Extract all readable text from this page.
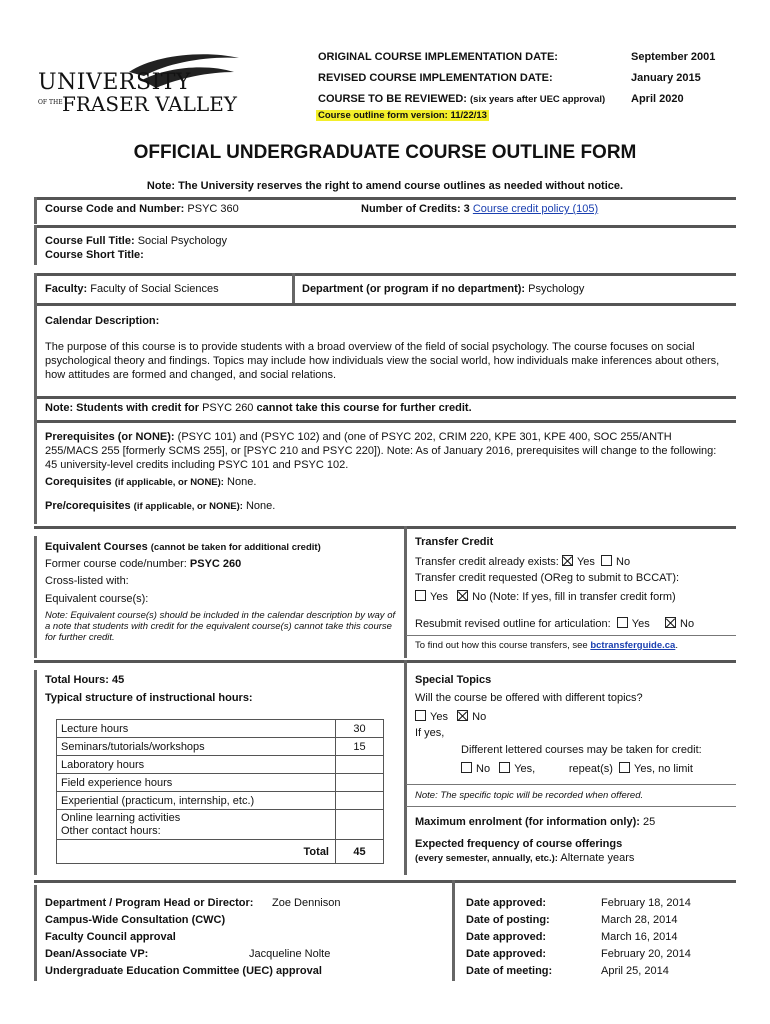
UNIVERSITY
OF THE FRASER VALLEY
ORIGINAL COURSE IMPLEMENTATION DATE:	September 2001
REVISED COURSE IMPLEMENTATION DATE:	January 2015
COURSE TO BE REVIEWED: (six years after UEC approval) April 2020
Course outline form version: 11/22/13
OFFICIAL UNDERGRADUATE COURSE OUTLINE FORM
Note: The University reserves the right to amend course outlines as needed without notice.
Course Code and Number: PSYC 360	Number of Credits: 3 Course credit policy (105)
Course Full Title: Social Psychology
Course Short Title:
Faculty: Faculty of Social Sciences	Department (or program if no department): Psychology
Calendar Description:
The purpose of this course is to provide students with a broad overview of the field of social psychology. The course focuses on social psychological theory and findings. Topics may include how individuals view the social world, how individuals make inferences about others, how attitudes are formed and changed, and social relations.
Note: Students with credit for PSYC 260 cannot take this course for further credit.
Prerequisites (or NONE): (PSYC 101) and (PSYC 102) and (one of PSYC 202, CRIM 220, KPE 301, KPE 400, SOC 255/ANTH 255/MACS 255 [formerly SCMS 255], or [PSYC 210 and PSYC 220]). Note: As of January 2016, prerequisites will change to the following: 45 university-level credits including PSYC 101 and PSYC 102.
Corequisites (if applicable, or NONE): None.
Pre/corequisites (if applicable, or NONE): None.
Equivalent Courses (cannot be taken for additional credit)
Former course code/number: PSYC 260
Cross-listed with:
Equivalent course(s):
Note: Equivalent course(s) should be included in the calendar description by way of a note that students with credit for the equivalent course(s) cannot take this course for further credit.
Transfer Credit
Transfer credit already exists: Yes No
Transfer credit requested (OReg to submit to BCCAT):
Yes No (Note: If yes, fill in transfer credit form)
Resubmit revised outline for articulation: Yes	No
To find out how this course transfers, see bctransferguide.ca.
Total Hours: 45
Typical structure of instructional hours:
Lecture hours	30
Seminars/tutorials/workshops	15
Laboratory hours	
Field experience hours	
Experiential (practicum, internship, etc.)	
Online learning activities
Other contact hours:	
Total	45
Special Topics
Will the course be offered with different topics?
Yes No
If yes,
Different lettered courses may be taken for credit:
No Yes,	repeat(s) Yes, no limit
Note: The specific topic will be recorded when offered.
Maximum enrolment (for information only): 25
Expected frequency of course offerings
(every semester, annually, etc.): Alternate years
Department / Program Head or Director: Zoe Dennison	Date approved:	February 18, 2014
Campus-Wide Consultation (CWC)	Date of posting:	March 28, 2014
Faculty Council approval	Date approved:	March 16, 2014
Dean/Associate VP:	Jacqueline Nolte	Date approved:	February 20, 2014
Undergraduate Education Committee (UEC) approval	Date of meeting:	April 25, 2014
